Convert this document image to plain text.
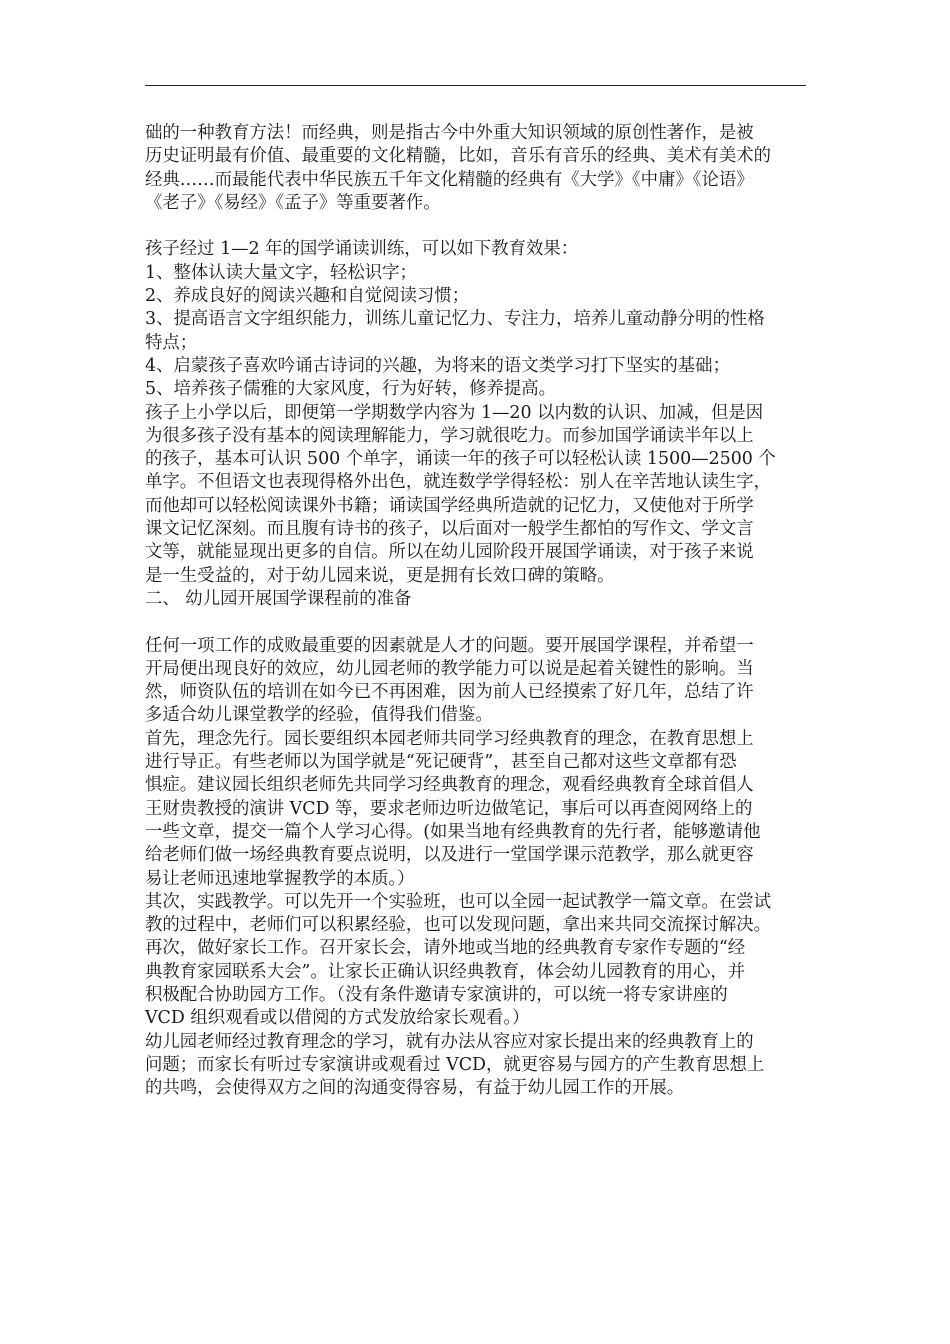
础的一种教育方法！而经典，则是指古今中外重大知识领域的原创性著作，是被
历史证明最有价值、最重要的文化精髓，比如，音乐有音乐的经典、美术有美术的
经典……而最能代表中华民族五千年文化精髓的经典有《大学》《中庸》《论语》
《老子》《易经》《孟子》等重要著作。
孩子经过 1—2 年的国学诵读训练，可以如下教育效果：
1、整体认读大量文字，轻松识字；
2、养成良好的阅读兴趣和自觉阅读习惯；
3、提高语言文字组织能力，训练儿童记忆力、专注力，培养儿童动静分明的性格
特点；
4、启蒙孩子喜欢吟诵古诗词的兴趣，为将来的语文类学习打下坚实的基础；
5、培养孩子儒雅的大家风度，行为好转，修养提高。
孩子上小学以后，即便第一学期数学内容为 1—20 以内数的认识、加减，但是因
为很多孩子没有基本的阅读理解能力，学习就很吃力。而参加国学诵读半年以上
的孩子，基本可认识 500 个单字，诵读一年的孩子可以轻松认读 1500—2500 个
单字。不但语文也表现得格外出色，就连数学学得轻松：别人在辛苦地认读生字，
而他却可以轻松阅读课外书籍；诵读国学经典所造就的记忆力，又使他对于所学
课文记忆深刻。而且腹有诗书的孩子，以后面对一般学生都怕的写作文、学文言
文等，就能显现出更多的自信。所以在幼儿园阶段开展国学诵读，对于孩子来说
是一生受益的，对于幼儿园来说，更是拥有长效口碑的策略。
二、 幼儿园开展国学课程前的准备
任何一项工作的成败最重要的因素就是人才的问题。要开展国学课程，并希望一
开局便出现良好的效应，幼儿园老师的教学能力可以说是起着关键性的影响。当
然，师资队伍的培训在如今已不再困难，因为前人已经摸索了好几年，总结了许
多适合幼儿课堂教学的经验，值得我们借鉴。
首先，理念先行。园长要组织本园老师共同学习经典教育的理念，在教育思想上
进行导正。有些老师以为国学就是“死记硬背”，甚至自己都对这些文章都有恐
惧症。建议园长组织老师先共同学习经典教育的理念，观看经典教育全球首倡人
王财贵教授的演讲 VCD 等，要求老师边听边做笔记，事后可以再查阅网络上的
一些文章，提交一篇个人学习心得。(如果当地有经典教育的先行者，能够邀请他
给老师们做一场经典教育要点说明，以及进行一堂国学课示范教学，那么就更容
易让老师迅速地掌握教学的本质。）
其次，实践教学。可以先开一个实验班，也可以全园一起试教学一篇文章。在尝试
教的过程中，老师们可以积累经验，也可以发现问题，拿出来共同交流探讨解决。
再次，做好家长工作。召开家长会，请外地或当地的经典教育专家作专题的“经
典教育家园联系大会”。让家长正确认识经典教育，体会幼儿园教育的用心，并
积极配合协助园方工作。（没有条件邀请专家演讲的，可以统一将专家讲座的
VCD 组织观看或以借阅的方式发放给家长观看。）
幼儿园老师经过教育理念的学习，就有办法从容应对家长提出来的经典教育上的
问题；而家长有听过专家演讲或观看过 VCD，就更容易与园方的产生教育思想上
的共鸣，会使得双方之间的沟通变得容易，有益于幼儿园工作的开展。
